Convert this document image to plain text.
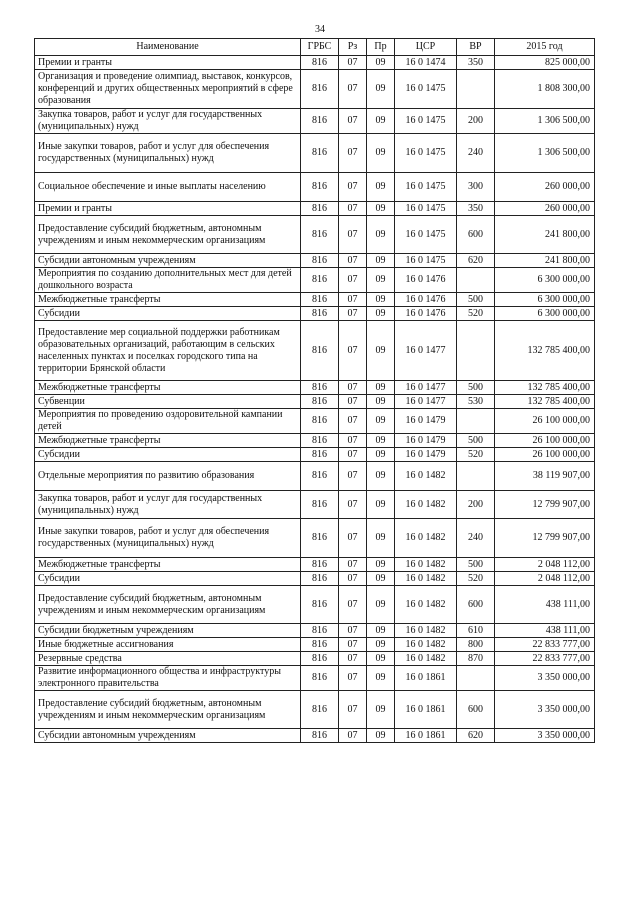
34
Наименование	ГРБС	Рз	Пр	ЦСР	ВР	2015 год
Премии и гранты	816	07	09	16 0 1474	350	825 000,00
Организация и проведение олимпиад, выставок, конкурсов, конференций и других общественных мероприятий в сфере образования	816	07	09	16 0 1475		1 808 300,00
Закупка товаров, работ и услуг для государственных (муниципальных) нужд	816	07	09	16 0 1475	200	1 306 500,00
Иные закупки товаров, работ и услуг для обеспечения государственных (муниципальных) нужд	816	07	09	16 0 1475	240	1 306 500,00
Социальное обеспечение и иные выплаты населению	816	07	09	16 0 1475	300	260 000,00
Премии и гранты	816	07	09	16 0 1475	350	260 000,00
Предоставление субсидий бюджетным, автономным учреждениям и иным некоммерческим организациям	816	07	09	16 0 1475	600	241 800,00
Субсидии автономным учреждениям	816	07	09	16 0 1475	620	241 800,00
Мероприятия по созданию дополнительных мест для детей дошкольного возраста	816	07	09	16 0 1476		6 300 000,00
Межбюджетные трансферты	816	07	09	16 0 1476	500	6 300 000,00
Субсидии	816	07	09	16 0 1476	520	6 300 000,00
Предоставление мер социальной поддержки работникам образовательных организаций, работающим в сельских населенных пунктах и поселках городского типа на территории Брянской области	816	07	09	16 0 1477		132 785 400,00
Межбюджетные трансферты	816	07	09	16 0 1477	500	132 785 400,00
Субвенции	816	07	09	16 0 1477	530	132 785 400,00
Мероприятия по проведению оздоровительной кампании детей	816	07	09	16 0 1479		26 100 000,00
Межбюджетные трансферты	816	07	09	16 0 1479	500	26 100 000,00
Субсидии	816	07	09	16 0 1479	520	26 100 000,00
Отдельные мероприятия по развитию образования	816	07	09	16 0 1482		38 119 907,00
Закупка товаров, работ и услуг для государственных (муниципальных) нужд	816	07	09	16 0 1482	200	12 799 907,00
Иные закупки товаров, работ и услуг для обеспечения государственных (муниципальных) нужд	816	07	09	16 0 1482	240	12 799 907,00
Межбюджетные трансферты	816	07	09	16 0 1482	500	2 048 112,00
Субсидии	816	07	09	16 0 1482	520	2 048 112,00
Предоставление субсидий бюджетным, автономным учреждениям и иным некоммерческим организациям	816	07	09	16 0 1482	600	438 111,00
Субсидии бюджетным учреждениям	816	07	09	16 0 1482	610	438 111,00
Иные бюджетные ассигнования	816	07	09	16 0 1482	800	22 833 777,00
Резервные средства	816	07	09	16 0 1482	870	22 833 777,00
Развитие информационного общества и инфраструктуры электронного правительства	816	07	09	16 0 1861		3 350 000,00
Предоставление субсидий бюджетным, автономным учреждениям и иным некоммерческим организациям	816	07	09	16 0 1861	600	3 350 000,00
Субсидии автономным учреждениям	816	07	09	16 0 1861	620	3 350 000,00
